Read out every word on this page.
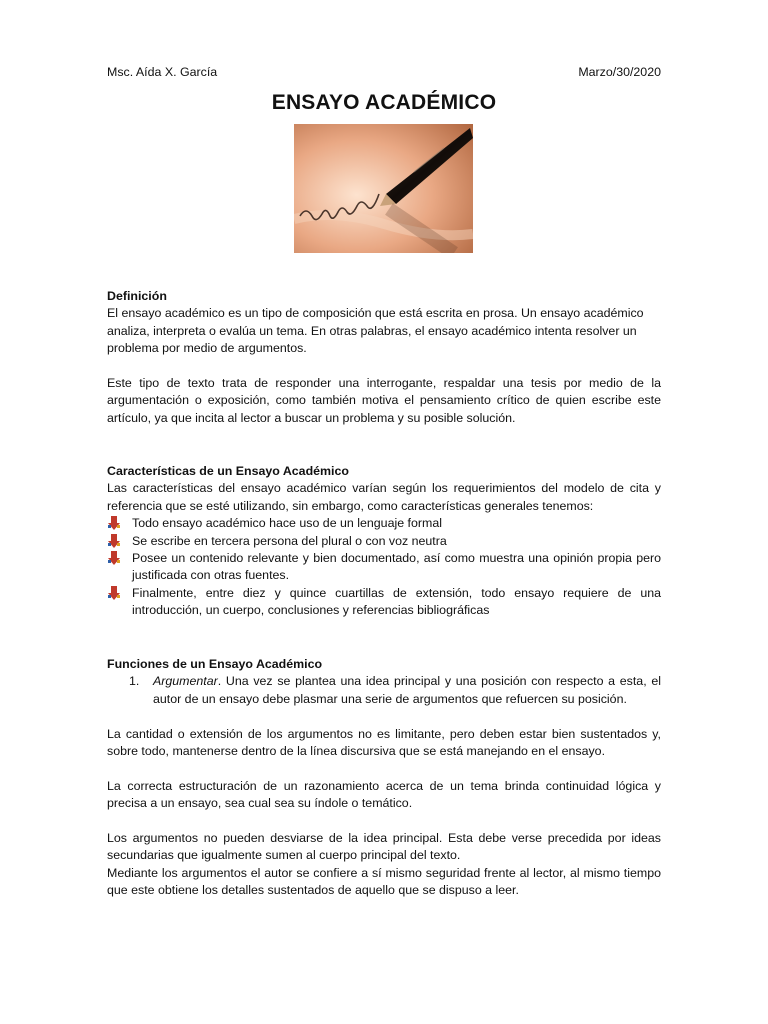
Msc. Aída X. García	Marzo/30/2020
ENSAYO ACADÉMICO
Definición
El ensayo académico es un tipo de composición que está escrita en prosa. Un ensayo académico analiza, interpreta o evalúa un tema. En otras palabras, el ensayo académico intenta resolver un problema por medio de argumentos.
Este tipo de texto trata de responder una interrogante, respaldar una tesis por medio de la argumentación o exposición, como también motiva el pensamiento crítico de quien escribe este artículo, ya que incita al lector a buscar un problema y su posible solución.
Características de un Ensayo Académico
Las características del ensayo académico varían según los requerimientos del modelo de cita y referencia que se esté utilizando, sin embargo, como características generales tenemos:
Todo ensayo académico hace uso de un lenguaje formal
Se escribe en tercera persona del plural o con voz neutra
Posee un contenido relevante y bien documentado, así como muestra una opinión propia pero justificada con otras fuentes.
Finalmente, entre diez y quince cuartillas de extensión, todo ensayo requiere de una introducción, un cuerpo, conclusiones y referencias bibliográficas
Funciones de un Ensayo Académico
1. Argumentar. Una vez se plantea una idea principal y una posición con respecto a esta, el autor de un ensayo debe plasmar una serie de argumentos que refuercen su posición.
La cantidad o extensión de los argumentos no es limitante, pero deben estar bien sustentados y, sobre todo, mantenerse dentro de la línea discursiva que se está manejando en el ensayo.
La correcta estructuración de un razonamiento acerca de un tema brinda continuidad lógica y precisa a un ensayo, sea cual sea su índole o temático.
Los argumentos no pueden desviarse de la idea principal. Esta debe verse precedida por ideas secundarias que igualmente sumen al cuerpo principal del texto.
Mediante los argumentos el autor se confiere a sí mismo seguridad frente al lector, al mismo tiempo que este obtiene los detalles sustentados de aquello que se dispuso a leer.
